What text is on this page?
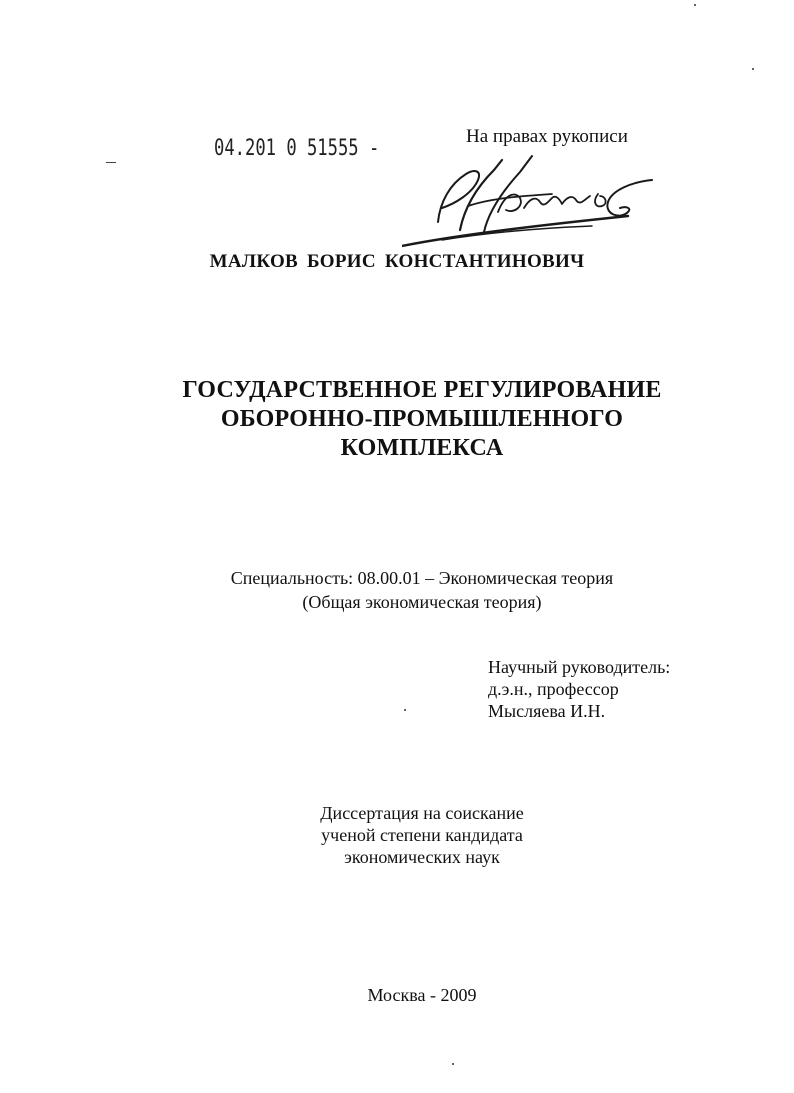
04.201 0 51555 -	На правах рукописи
МАЛКОВ БОРИС КОНСТАНТИНОВИЧ
ГОСУДАРСТВЕННОЕ РЕГУЛИРОВАНИЕ
ОБОРОННО-ПРОМЫШЛЕННОГО
КОМПЛЕКСА
Специальность: 08.00.01 – Экономическая теория
(Общая экономическая теория)
Научный руководитель:
д.э.н., профессор
Мысляева И.Н.
Диссертация на соискание
ученой степени кандидата
экономических наук
Москва - 2009
